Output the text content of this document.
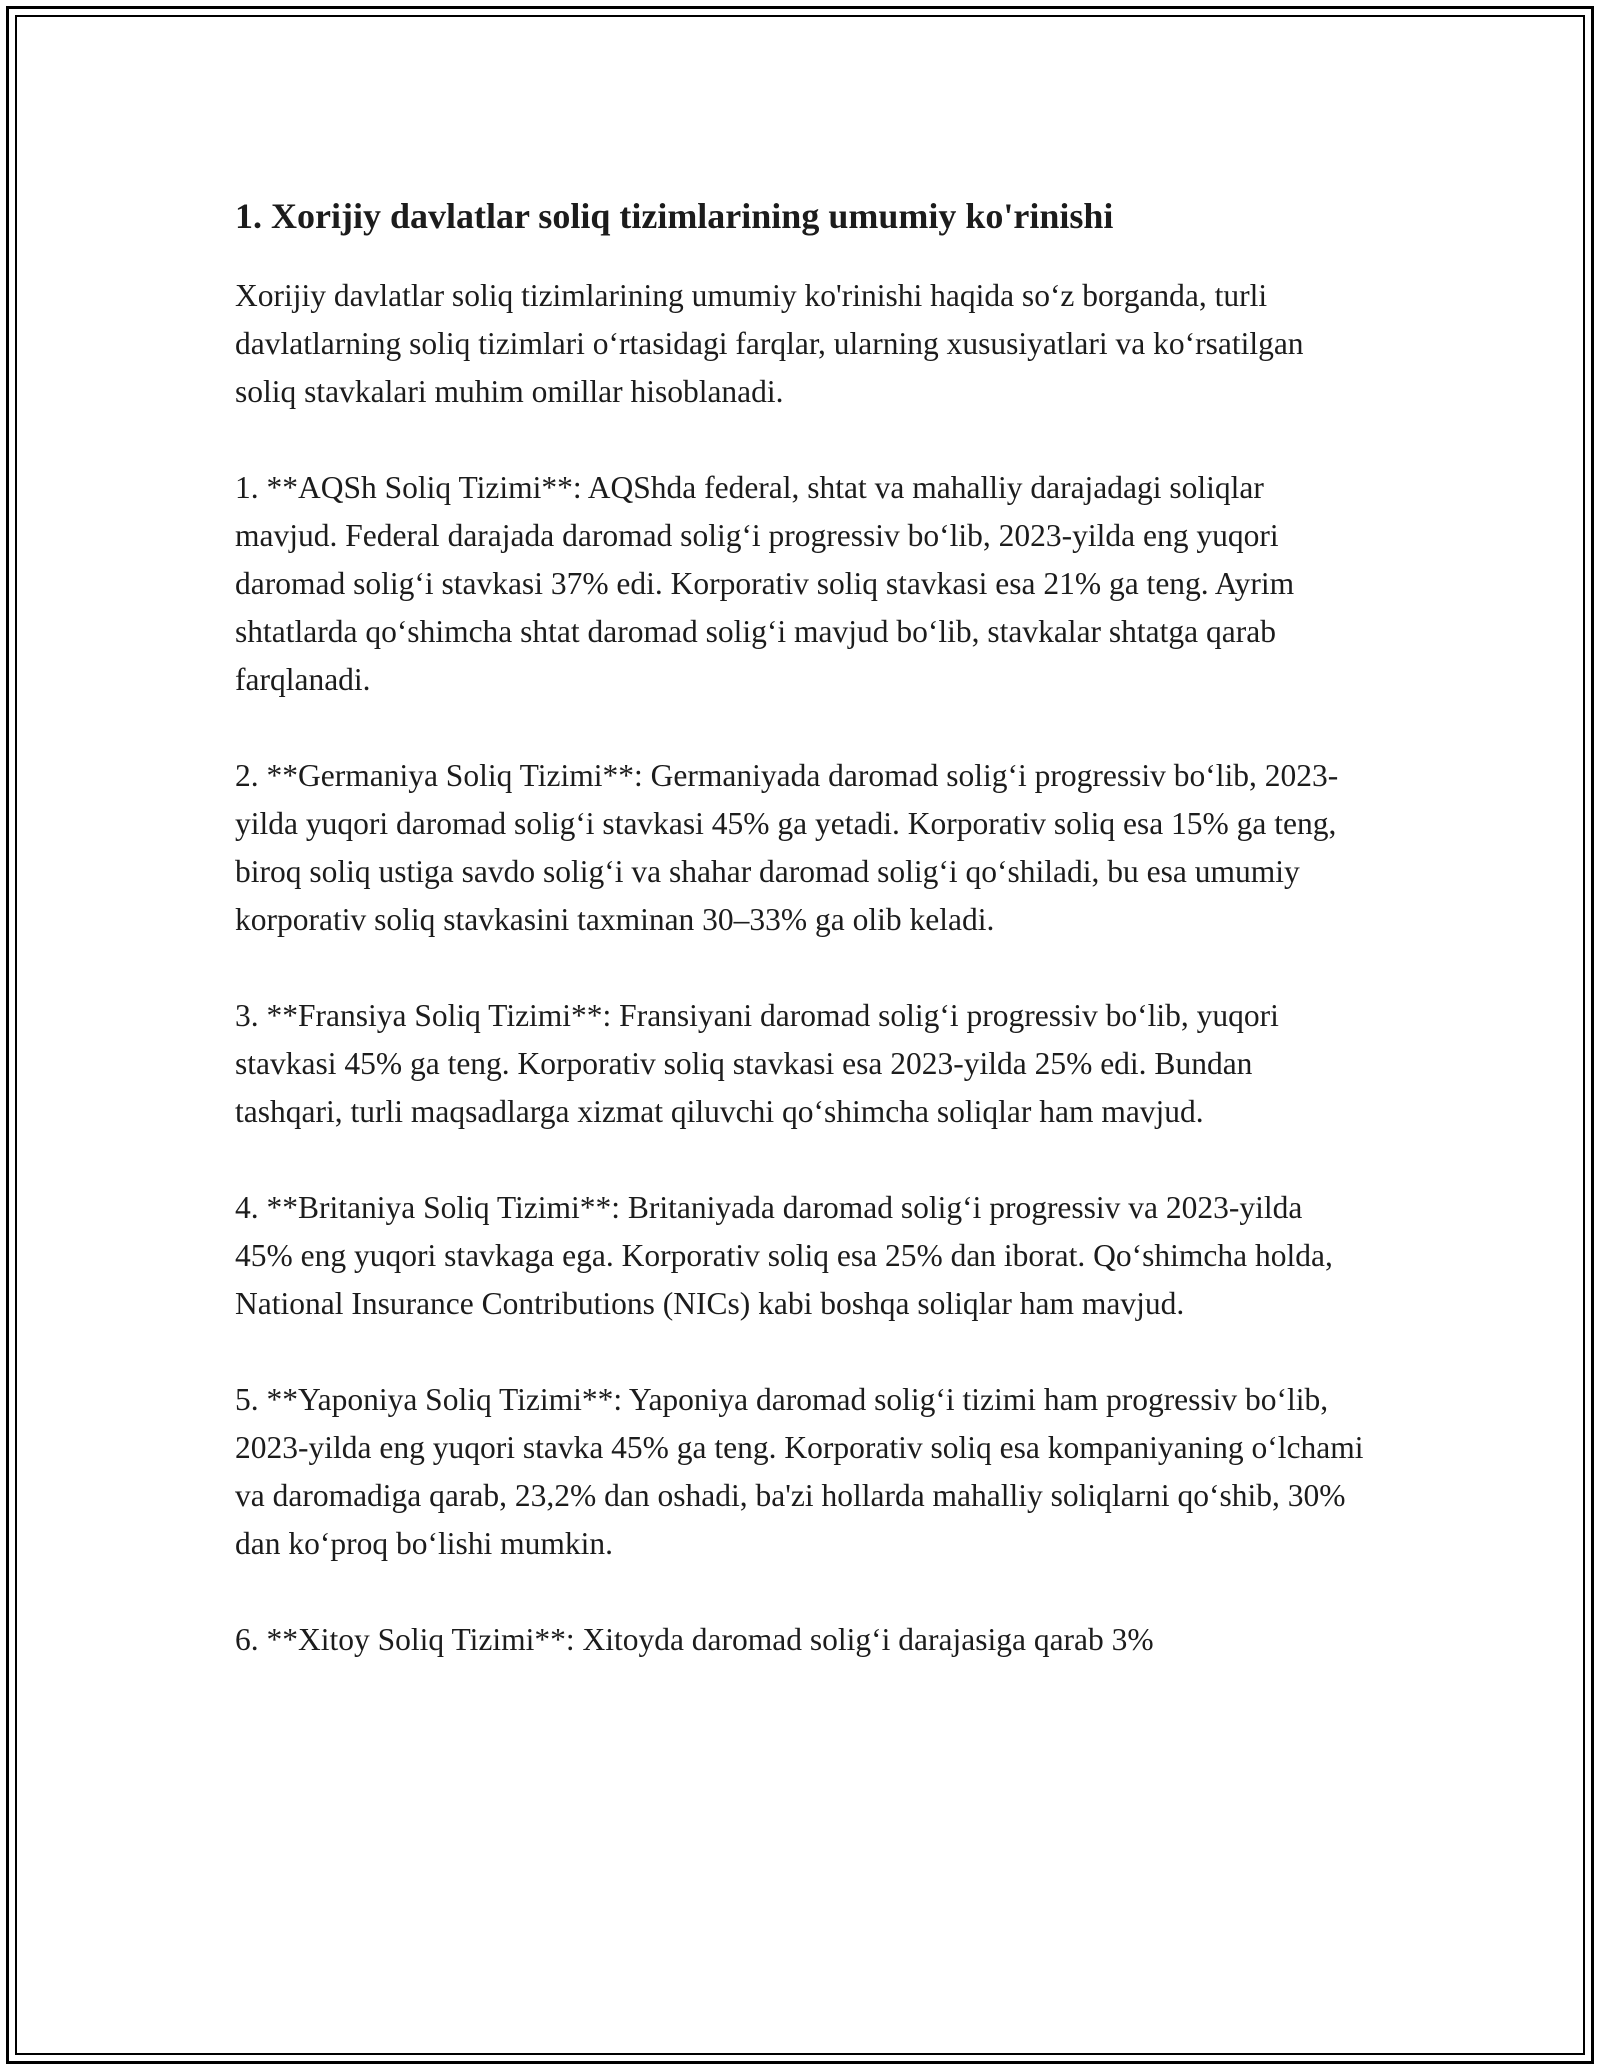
1. Xorijiy davlatlar soliq tizimlarining umumiy ko'rinishi

Xorijiy davlatlar soliq tizimlarining umumiy ko'rinishi haqida so‘z borganda, turli davlatlarning soliq tizimlari o‘rtasidagi farqlar, ularning xususiyatlari va ko‘rsatilgan soliq stavkalari muhim omillar hisoblanadi.

1. **AQSh Soliq Tizimi**: AQShda federal, shtat va mahalliy darajadagi soliqlar mavjud. Federal darajada daromad solig‘i progressiv bo‘lib, 2023-yilda eng yuqori daromad solig‘i stavkasi 37% edi. Korporativ soliq stavkasi esa 21% ga teng. Ayrim shtatlarda qo‘shimcha shtat daromad solig‘i mavjud bo‘lib, stavkalar shtatga qarab farqlanadi.

2. **Germaniya Soliq Tizimi**: Germaniyada daromad solig‘i progressiv bo‘lib, 2023-yilda yuqori daromad solig‘i stavkasi 45% ga yetadi. Korporativ soliq esa 15% ga teng, biroq soliq ustiga savdo solig‘i va shahar daromad solig‘i qo‘shiladi, bu esa umumiy korporativ soliq stavkasini taxminan 30–33% ga olib keladi.

3. **Fransiya Soliq Tizimi**: Fransiyani daromad solig‘i progressiv bo‘lib, yuqori stavkasi 45% ga teng. Korporativ soliq stavkasi esa 2023-yilda 25% edi. Bundan tashqari, turli maqsadlarga xizmat qiluvchi qo‘shimcha soliqlar ham mavjud.

4. **Britaniya Soliq Tizimi**: Britaniyada daromad solig‘i progressiv va 2023-yilda 45% eng yuqori stavkaga ega. Korporativ soliq esa 25% dan iborat. Qo‘shimcha holda, National Insurance Contributions (NICs) kabi boshqa soliqlar ham mavjud.

5. **Yaponiya Soliq Tizimi**: Yaponiya daromad solig‘i tizimi ham progressiv bo‘lib, 2023-yilda eng yuqori stavka 45% ga teng. Korporativ soliq esa kompaniyaning o‘lchami va daromadiga qarab, 23,2% dan oshadi, ba'zi hollarda mahalliy soliqlarni qo‘shib, 30% dan ko‘proq bo‘lishi mumkin.

6. **Xitoy Soliq Tizimi**: Xitoyda daromad solig‘i darajasiga qarab 3%
